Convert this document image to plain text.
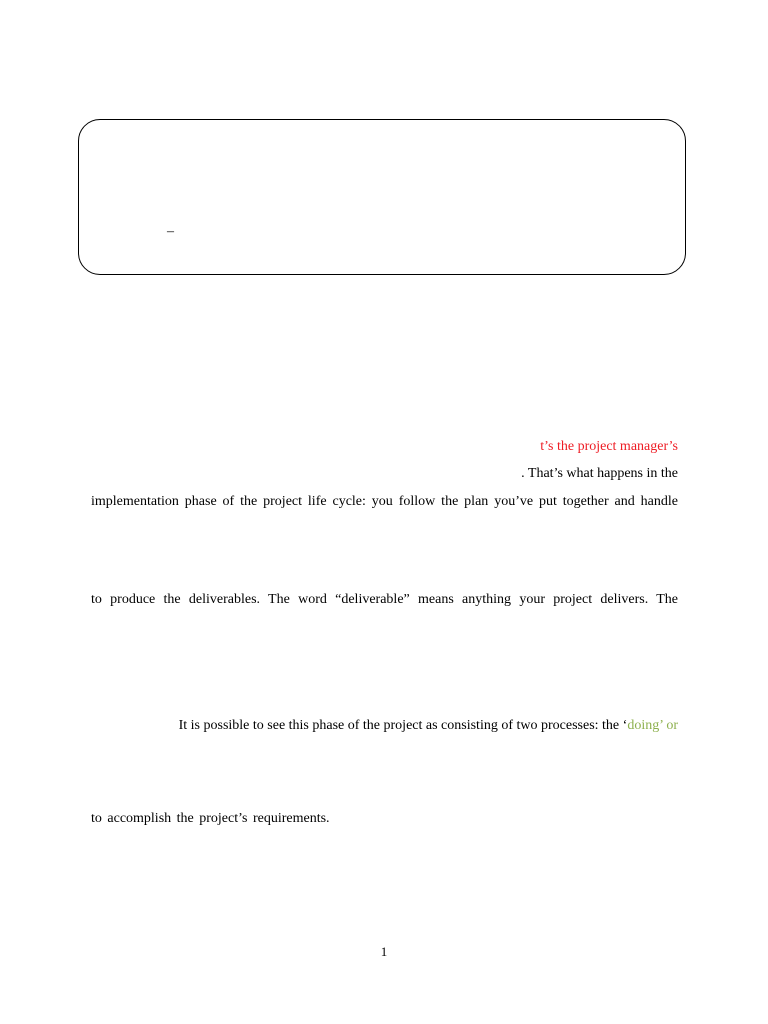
–
t’s the project manager’s
. That’s what happens in the
implementation phase of the project life cycle: you follow the plan you’ve put together and handle
to produce the deliverables. The word “deliverable” means anything your project delivers. The
It is possible to see this phase of the project as consisting of two processes: the ‘doing’ or
to accomplish the project’s requirements.
1
